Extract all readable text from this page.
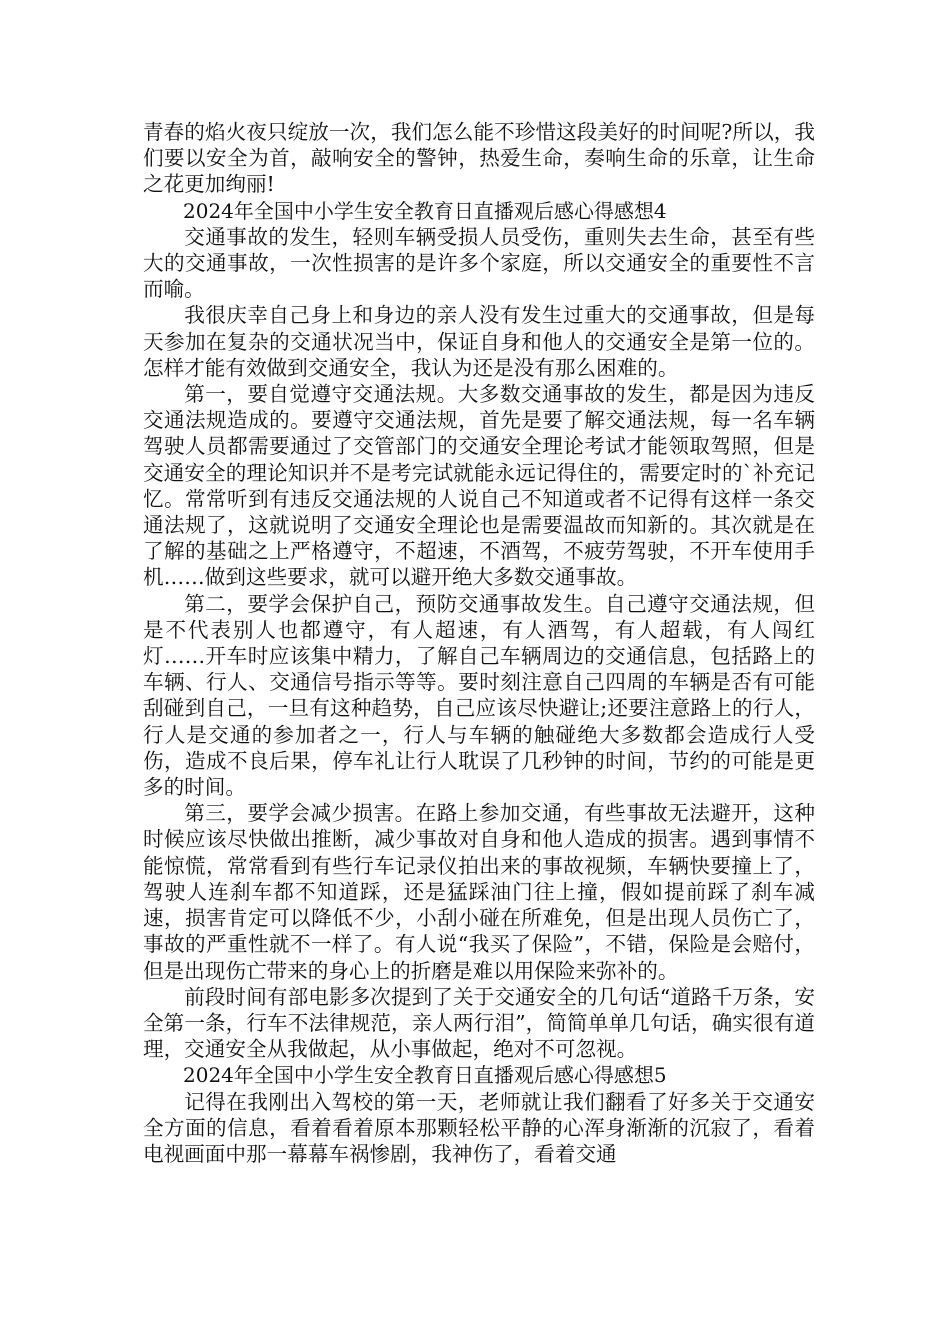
青春的焰火夜只绽放一次，我们怎么能不珍惜这段美好的时间呢?所以，我们要以安全为首，敲响安全的警钟，热爱生命，奏响生命的乐章，让生命之花更加绚丽!

2024年全国中小学生安全教育日直播观后感心得感想4

交通事故的发生，轻则车辆受损人员受伤，重则失去生命，甚至有些大的交通事故，一次性损害的是许多个家庭，所以交通安全的重要性不言而喻。

我很庆幸自己身上和身边的亲人没有发生过重大的交通事故，但是每天参加在复杂的交通状况当中，保证自身和他人的交通安全是第一位的。怎样才能有效做到交通安全，我认为还是没有那么困难的。

第一，要自觉遵守交通法规。大多数交通事故的发生，都是因为违反交通法规造成的。要遵守交通法规，首先是要了解交通法规，每一名车辆驾驶人员都需要通过了交管部门的交通安全理论考试才能领取驾照，但是交通安全的理论知识并不是考完试就能永远记得住的，需要定时的`补充记忆。常常听到有违反交通法规的人说自己不知道或者不记得有这样一条交通法规了，这就说明了交通安全理论也是需要温故而知新的。其次就是在了解的基础之上严格遵守，不超速，不酒驾，不疲劳驾驶，不开车使用手机……做到这些要求，就可以避开绝大多数交通事故。

第二，要学会保护自己，预防交通事故发生。自己遵守交通法规，但是不代表别人也都遵守，有人超速，有人酒驾，有人超载，有人闯红灯……开车时应该集中精力，了解自己车辆周边的交通信息，包括路上的车辆、行人、交通信号指示等等。要时刻注意自己四周的车辆是否有可能刮碰到自己，一旦有这种趋势，自己应该尽快避让;还要注意路上的行人，行人是交通的参加者之一，行人与车辆的触碰绝大多数都会造成行人受伤，造成不良后果，停车礼让行人耽误了几秒钟的时间，节约的可能是更多的时间。

第三，要学会减少损害。在路上参加交通，有些事故无法避开，这种时候应该尽快做出推断，减少事故对自身和他人造成的损害。遇到事情不能惊慌，常常看到有些行车记录仪拍出来的事故视频，车辆快要撞上了，驾驶人连刹车都不知道踩，还是猛踩油门往上撞，假如提前踩了刹车减速，损害肯定可以降低不少，小刮小碰在所难免，但是出现人员伤亡了，事故的严重性就不一样了。有人说“我买了保险”，不错，保险是会赔付，但是出现伤亡带来的身心上的折磨是难以用保险来弥补的。

前段时间有部电影多次提到了关于交通安全的几句话“道路千万条，安全第一条，行车不法律规范，亲人两行泪”，简简单单几句话，确实很有道理，交通安全从我做起，从小事做起，绝对不可忽视。

2024年全国中小学生安全教育日直播观后感心得感想5

记得在我刚出入驾校的第一天，老师就让我们翻看了好多关于交通安全方面的信息，看着看着原本那颗轻松平静的心浑身渐渐的沉寂了，看着电视画面中那一幕幕车祸惨剧，我神伤了，看着交通
